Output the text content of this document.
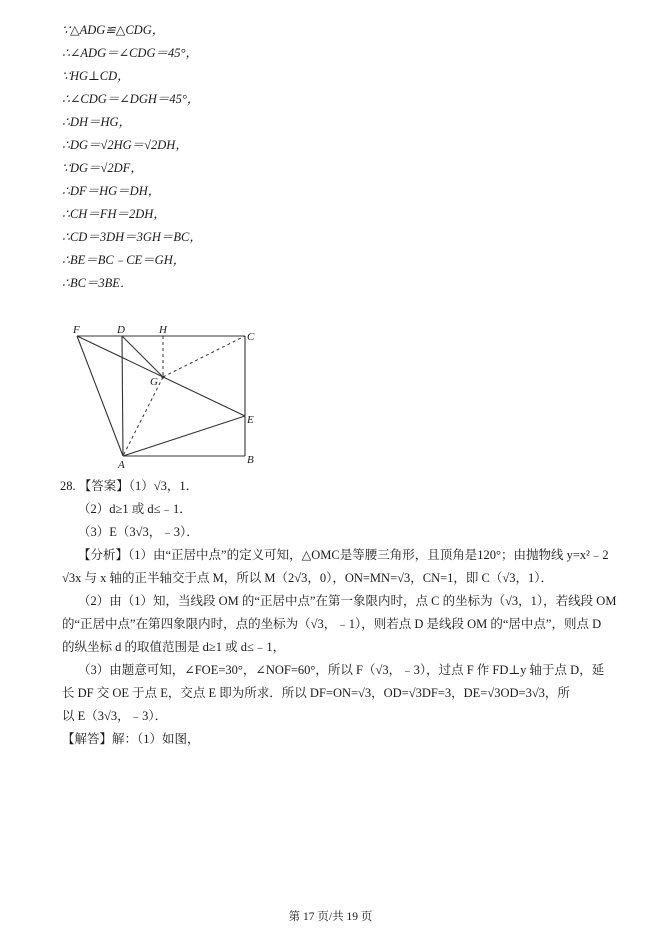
∵△ADG≌△CDG，
∴∠ADG＝∠CDG＝45°，
∵HG⊥CD，
∴∠CDG＝∠DGH＝45°，
∴DH＝HG，
∴DG＝√2HG＝√2DH，
∵DG＝√2DF，
∴DF＝HG＝DH，
∴CH＝FH＝2DH，
∴CD＝3DH＝3GH＝BC，
∴BE＝BC﹣CE＝GH，
∴BC＝3BE．
F	D	H
C
G
E
A	B
28. 【答案】（1）√3，1．
（2）d≥1 或 d≤﹣1．
（3）E（3√3，﹣3）．
【分析】（1）由“正居中点”的定义可知，△OMC是等腰三角形，且顶角是120°；由抛物线 y=x²﹣2
√3x 与 x 轴的正半轴交于点 M，所以 M（2√3，0），ON=MN=√3，CN=1，即 C（√3，1）．
（2）由（1）知，当线段 OM 的“正居中点”在第一象限内时，点 C 的坐标为（√3，1），若线段 OM
的“正居中点”在第四象限内时，点的坐标为（√3，﹣1），则若点 D 是线段 OM 的“居中点”，则点 D
的纵坐标 d 的取值范围是 d≥1 或 d≤﹣1，
（3）由题意可知，∠FOE=30°，∠NOF=60°，所以 F（√3，﹣3），过点 F 作 FD⊥y 轴于点 D，延
长 DF 交 OE 于点 E，交点 E 即为所求．所以 DF=ON=√3，OD=√3DF=3，DE=√3OD=3√3，所
以 E（3√3，﹣3）．
【解答】解：（1）如图，
第 17 页/共 19 页
